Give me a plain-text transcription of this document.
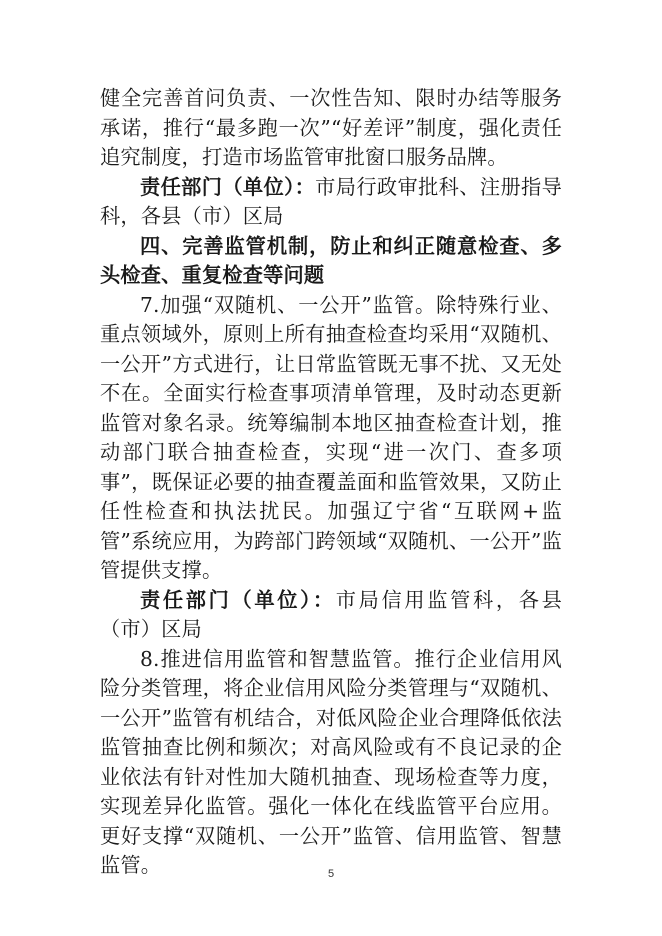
健全完善首问负责、一次性告知、限时办结等服务承诺，推行“最多跑一次”“好差评”制度，强化责任追究制度，打造市场监管审批窗口服务品牌。

责任部门（单位）：市局行政审批科、注册指导科，各县（市）区局

四、完善监管机制，防止和纠正随意检查、多头检查、重复检查等问题

7.加强“双随机、一公开”监管。除特殊行业、重点领域外，原则上所有抽查检查均采用“双随机、一公开”方式进行，让日常监管既无事不扰、又无处不在。全面实行检查事项清单管理，及时动态更新监管对象名录。统筹编制本地区抽查检查计划，推动部门联合抽查检查，实现“进一次门、查多项事”，既保证必要的抽查覆盖面和监管效果，又防止任性检查和执法扰民。加强辽宁省“互联网+监管”系统应用，为跨部门跨领域“双随机、一公开”监管提供支撑。

责任部门（单位）：市局信用监管科，各县（市）区局

8.推进信用监管和智慧监管。推行企业信用风险分类管理，将企业信用风险分类管理与“双随机、一公开”监管有机结合，对低风险企业合理降低依法监管抽查比例和频次；对高风险或有不良记录的企业依法有针对性加大随机抽查、现场检查等力度，实现差异化监管。强化一体化在线监管平台应用。更好支撑“双随机、一公开”监管、信用监管、智慧监管。	5
